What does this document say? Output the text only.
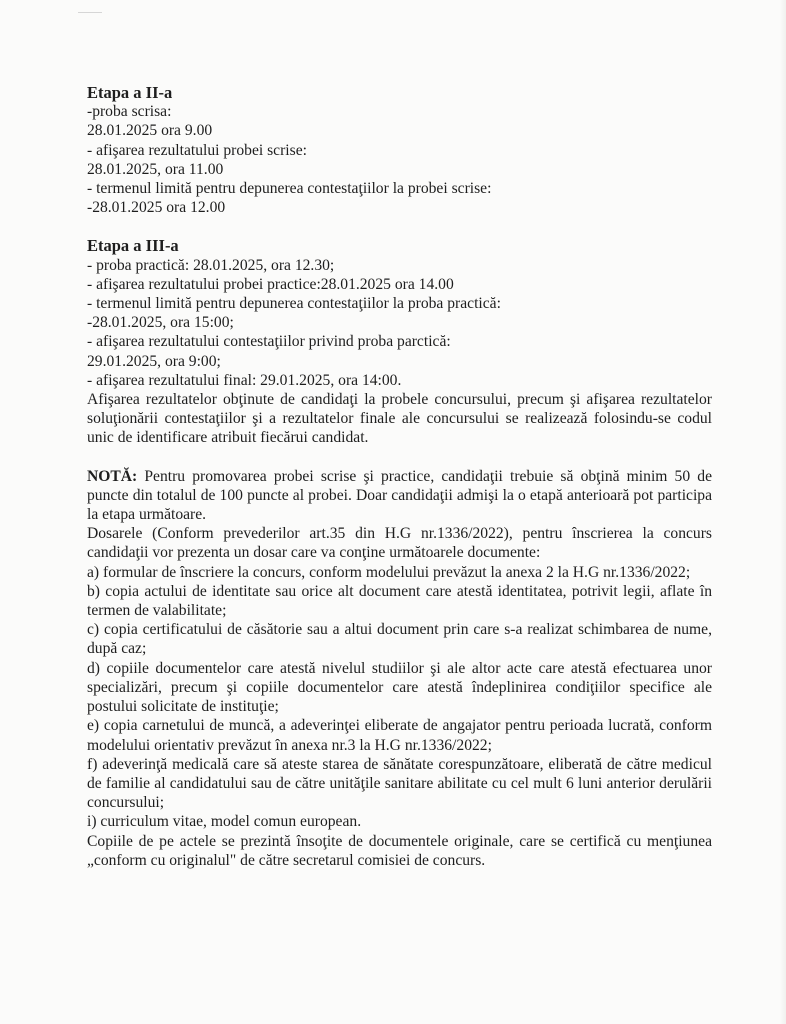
Etapa a II-a
-proba scrisa:
28.01.2025 ora 9.00
- afişarea rezultatului probei scrise:
28.01.2025, ora 11.00
- termenul limită pentru depunerea contestaţiilor la probei scrise:
-28.01.2025 ora 12.00
Etapa a III-a
- proba practică: 28.01.2025, ora 12.30;
- afişarea rezultatului probei practice:28.01.2025 ora 14.00
- termenul limită pentru depunerea contestaţiilor la proba practică:
-28.01.2025, ora 15:00;
- afişarea rezultatului contestaţiilor privind proba parctică:
29.01.2025, ora 9:00;
- afişarea rezultatului final: 29.01.2025, ora 14:00.
Afişarea rezultatelor obţinute de candidaţi la probele concursului, precum şi afişarea rezultatelor soluţionării contestaţiilor şi a rezultatelor finale ale concursului se realizează folosindu-se codul unic de identificare atribuit fiecărui candidat.
NOTĂ: Pentru promovarea probei scrise şi practice, candidaţii trebuie să obţină minim 50 de puncte din totalul de 100 puncte al probei. Doar candidaţii admişi la o etapă anterioară pot participa la etapa următoare.
Dosarele (Conform prevederilor art.35 din H.G nr.1336/2022), pentru înscrierea la concurs candidaţii vor prezenta un dosar care va conţine următoarele documente:
a) formular de înscriere la concurs, conform modelului prevăzut la anexa 2 la H.G nr.1336/2022;
b) copia actului de identitate sau orice alt document care atestă identitatea, potrivit legii, aflate în termen de valabilitate;
c) copia certificatului de căsătorie sau a altui document prin care s-a realizat schimbarea de nume, după caz;
d) copiile documentelor care atestă nivelul studiilor şi ale altor acte care atestă efectuarea unor specializări, precum şi copiile documentelor care atestă îndeplinirea condiţiilor specifice ale postului solicitate de instituţie;
e) copia carnetului de muncă, a adeverinţei eliberate de angajator pentru perioada lucrată, conform modelului orientativ prevăzut în anexa nr.3 la H.G nr.1336/2022;
f) adeverinţă medicală care să ateste starea de sănătate corespunzătoare, eliberată de către medicul de familie al candidatului sau de către unităţile sanitare abilitate cu cel mult 6 luni anterior derulării concursului;
i) curriculum vitae, model comun european.
Copiile de pe actele se prezintă însoţite de documentele originale, care se certifică cu menţiunea „conform cu originalul" de către secretarul comisiei de concurs.
